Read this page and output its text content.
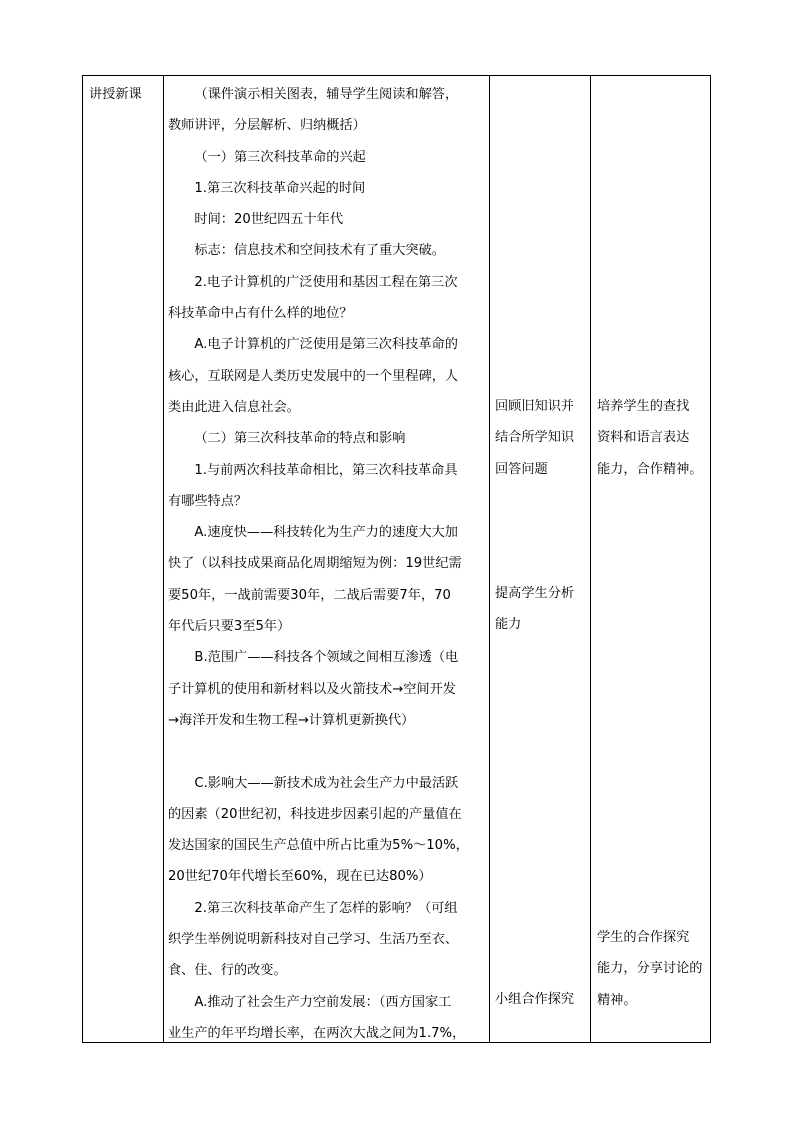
讲授新课	（课件演示相关图表，辅导学生阅读和解答，

教师讲评，分层解析、归纳概括）

（一）第三次科技革命的兴起

1.第三次科技革命兴起的时间

时间：20世纪四五十年代

标志：信息技术和空间技术有了重大突破。

2.电子计算机的广泛使用和基因工程在第三次

科技革命中占有什么样的地位？

A.电子计算机的广泛使用是第三次科技革命的

核心，互联网是人类历史发展中的一个里程碑，人

类由此进入信息社会。

（二）第三次科技革命的特点和影响

1.与前两次科技革命相比，第三次科技革命具

有哪些特点？

A.速度快——科技转化为生产力的速度大大加

快了（以科技成果商品化周期缩短为例：19世纪需

要50年，一战前需要30年，二战后需要7年，70

年代后只要3至5年）

B.范围广——科技各个领域之间相互渗透（电

子计算机的使用和新材料以及火箭技术→空间开发

→海洋开发和生物工程→计算机更新换代）

C.影响大——新技术成为社会生产力中最活跃

的因素（20世纪初，科技进步因素引起的产量值在

发达国家的国民生产总值中所占比重为5%～10%，

20世纪70年代增长至60%，现在已达80%）

2.第三次科技革命产生了怎样的影响？（可组

织学生举例说明新科技对自己学习、生活乃至衣、

食、住、行的改变。

A.推动了社会生产力空前发展：（西方国家工

业生产的年平均增长率，在两次大战之间为1.7%，

回顾旧知识并

结合所学知识

回答问题

提高学生分析

能力

小组合作探究

培养学生的查找

资料和语言表达

能力，合作精神。

学生的合作探究

能力，分享讨论的

精神。
